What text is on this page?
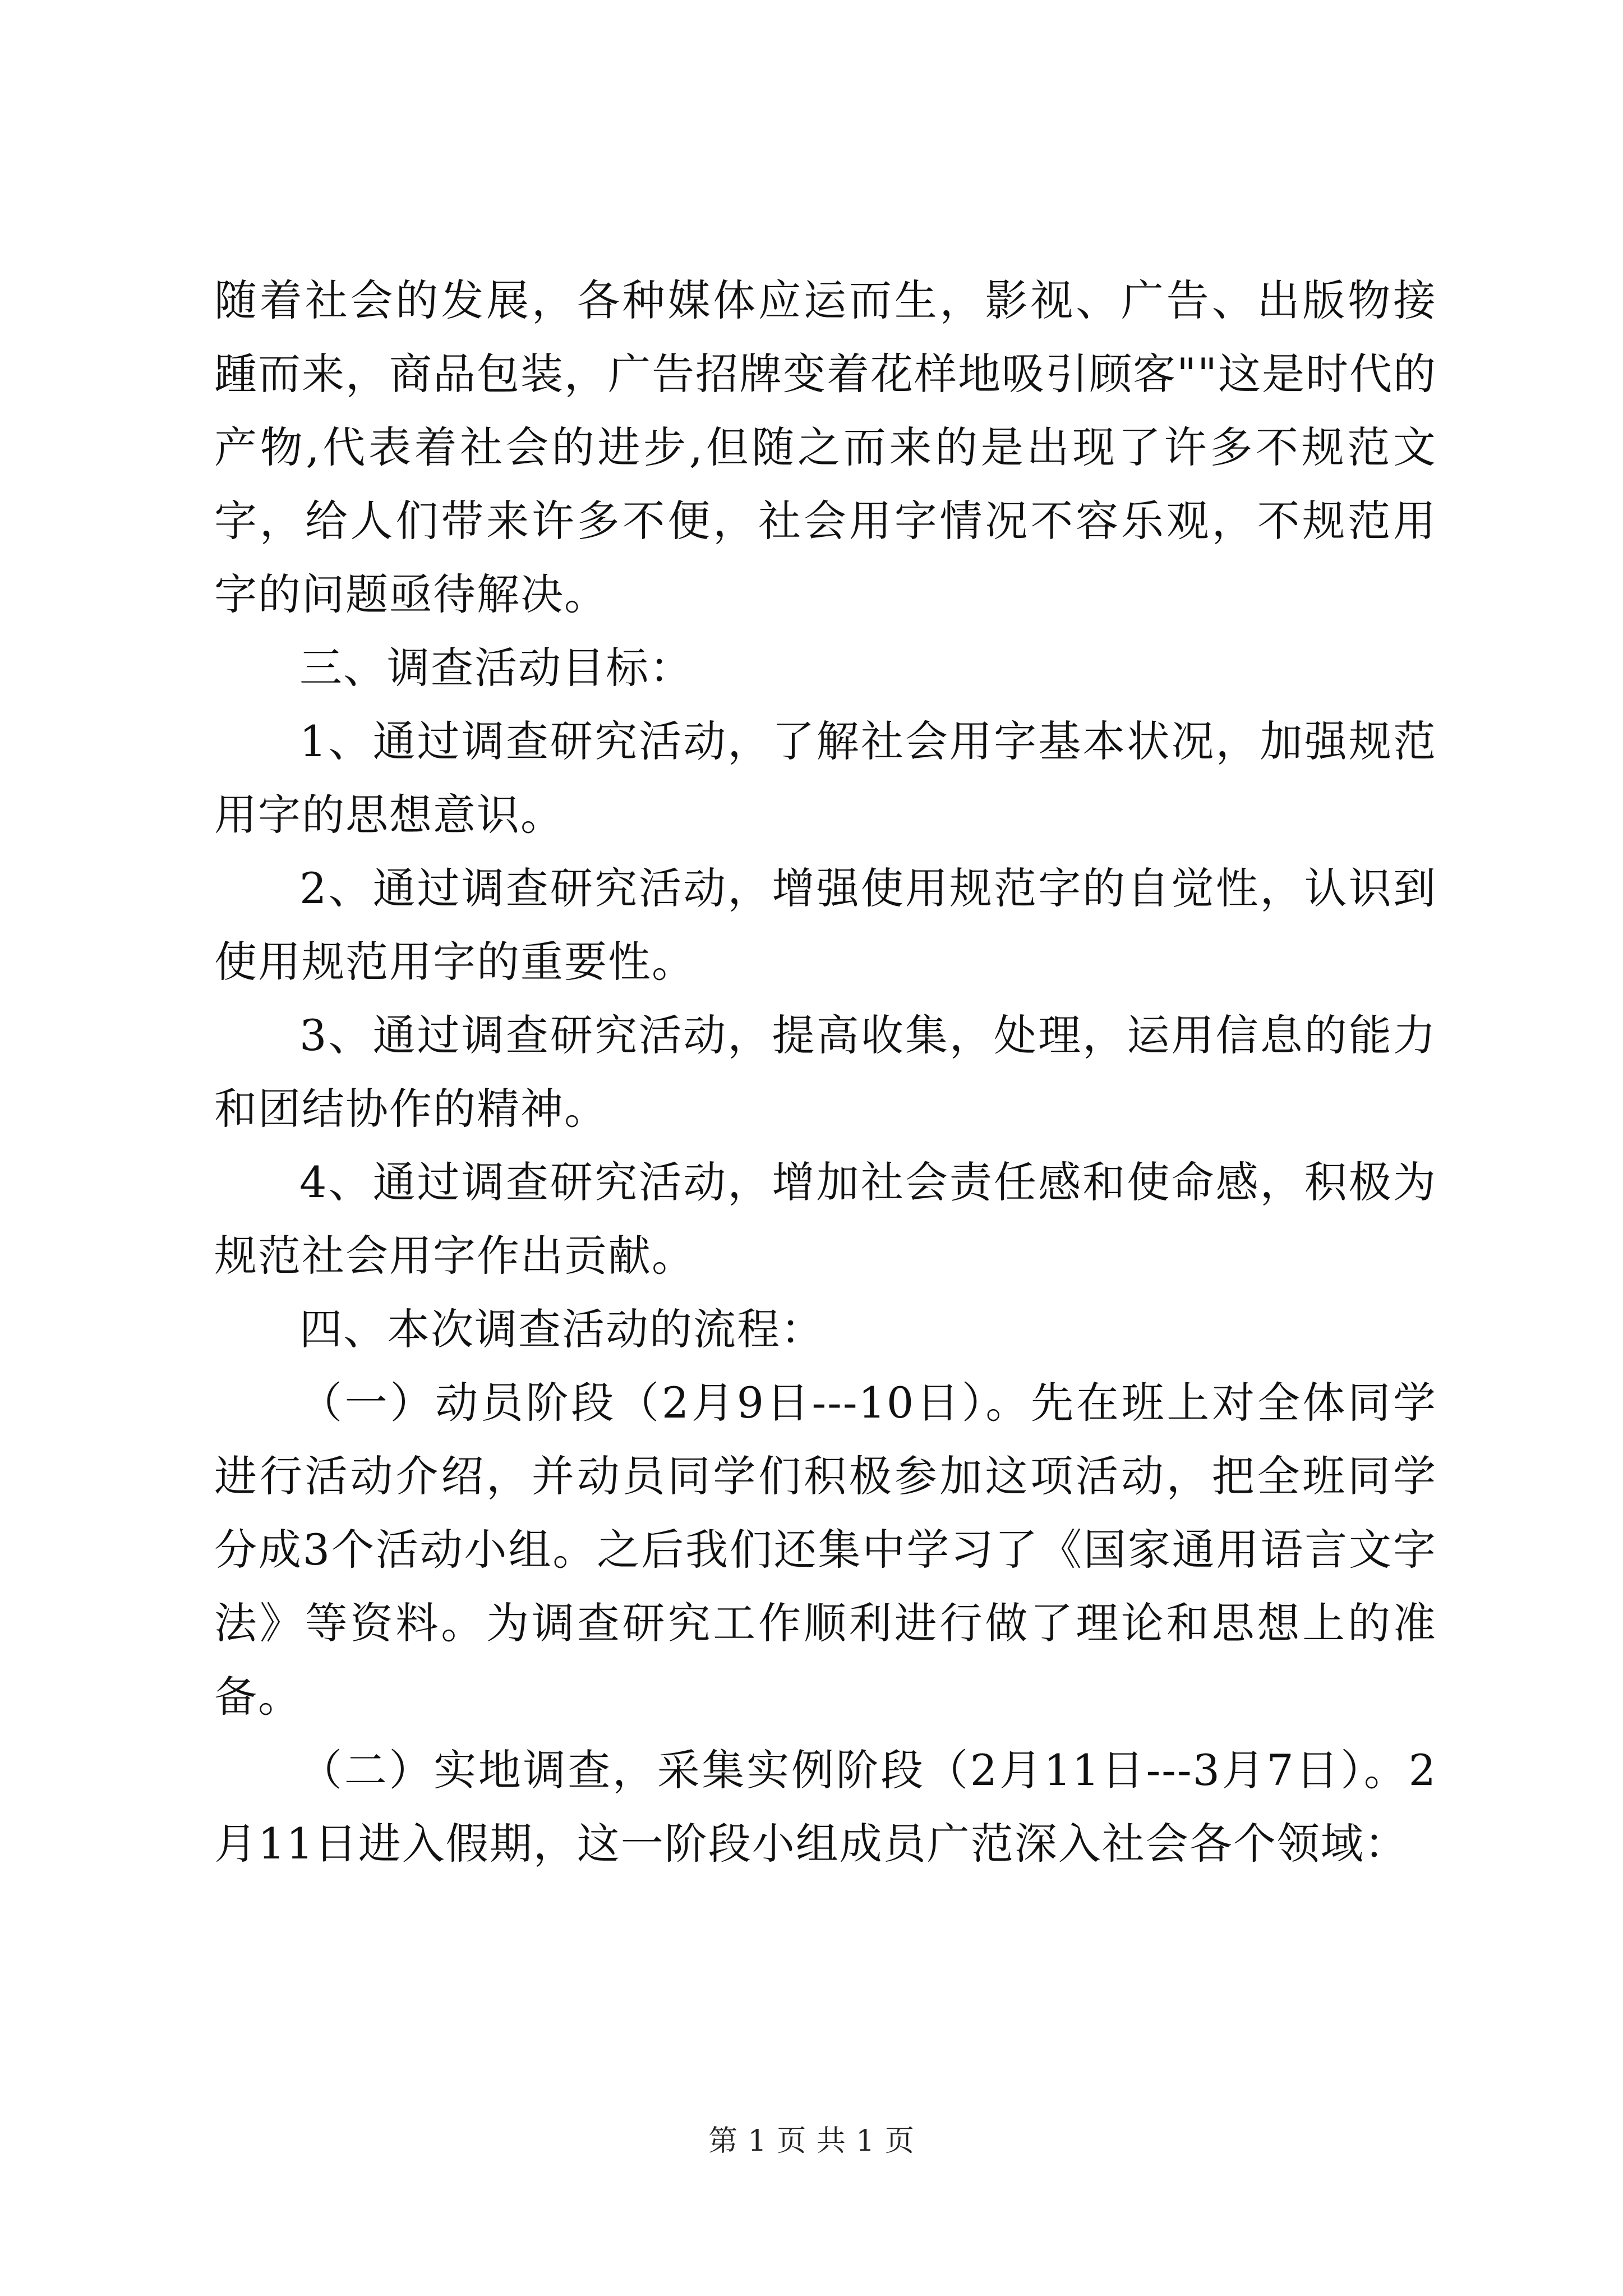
随着社会的发展，各种媒体应运而生，影视、广告、出版物接踵而来，商品包装，广告招牌变着花样地吸引顾客""这是时代的产物,代表着社会的进步,但随之而来的是出现了许多不规范文字，给人们带来许多不便，社会用字情况不容乐观，不规范用字的问题亟待解决。

三、调查活动目标：

1、通过调查研究活动，了解社会用字基本状况，加强规范用字的思想意识。

2、通过调查研究活动，增强使用规范字的自觉性，认识到使用规范用字的重要性。

3、通过调查研究活动，提高收集，处理，运用信息的能力和团结协作的精神。

4、通过调查研究活动，增加社会责任感和使命感，积极为规范社会用字作出贡献。

四、本次调查活动的流程：

（一）动员阶段（2月9日---10日）。先在班上对全体同学进行活动介绍，并动员同学们积极参加这项活动，把全班同学分成3个活动小组。之后我们还集中学习了《国家通用语言文字法》等资料。为调查研究工作顺利进行做了理论和思想上的准备。

（二）实地调查，采集实例阶段（2月11日---3月7日）。2月11日进入假期，这一阶段小组成员广范深入社会各个领域：

第 1 页 共 1 页
